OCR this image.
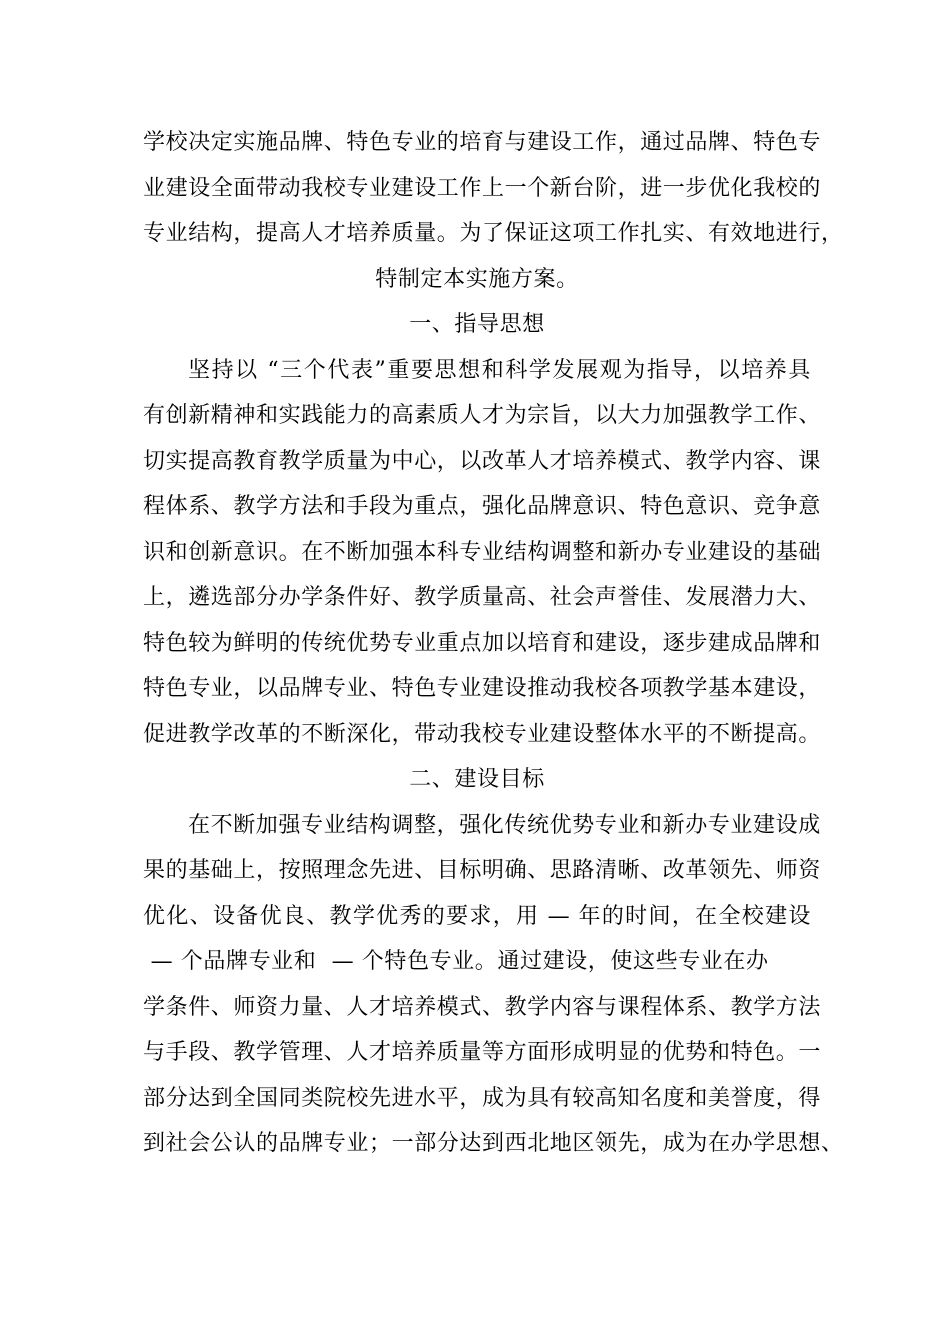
学校决定实施品牌、特色专业的培育与建设工作，通过品牌、特色专
业建设全面带动我校专业建设工作上一个新台阶，进一步优化我校的
专业结构，提高人才培养质量。为了保证这项工作扎实、有效地进行，
特制定本实施方案。
一、指导思想
坚持以 “三个代表”重要思想和科学发展观为指导，以培养具
有创新精神和实践能力的高素质人才为宗旨，以大力加强教学工作、
切实提高教育教学质量为中心，以改革人才培养模式、教学内容、课
程体系、教学方法和手段为重点，强化品牌意识、特色意识、竞争意
识和创新意识。在不断加强本科专业结构调整和新办专业建设的基础
上，遴选部分办学条件好、教学质量高、社会声誉佳、发展潜力大、
特色较为鲜明的传统优势专业重点加以培育和建设，逐步建成品牌和
特色专业，以品牌专业、特色专业建设推动我校各项教学基本建设，
促进教学改革的不断深化，带动我校专业建设整体水平的不断提高。
二、建设目标
在不断加强专业结构调整，强化传统优势专业和新办专业建设成
果的基础上，按照理念先进、目标明确、思路清晰、改革领先、师资
优化、设备优良、教学优秀的要求，用 — 年的时间，在全校建设
— 个品牌专业和  — 个特色专业。通过建设，使这些专业在办
学条件、师资力量、人才培养模式、教学内容与课程体系、教学方法
与手段、教学管理、人才培养质量等方面形成明显的优势和特色。一
部分达到全国同类院校先进水平，成为具有较高知名度和美誉度，得
到社会公认的品牌专业；一部分达到西北地区领先，成为在办学思想、
